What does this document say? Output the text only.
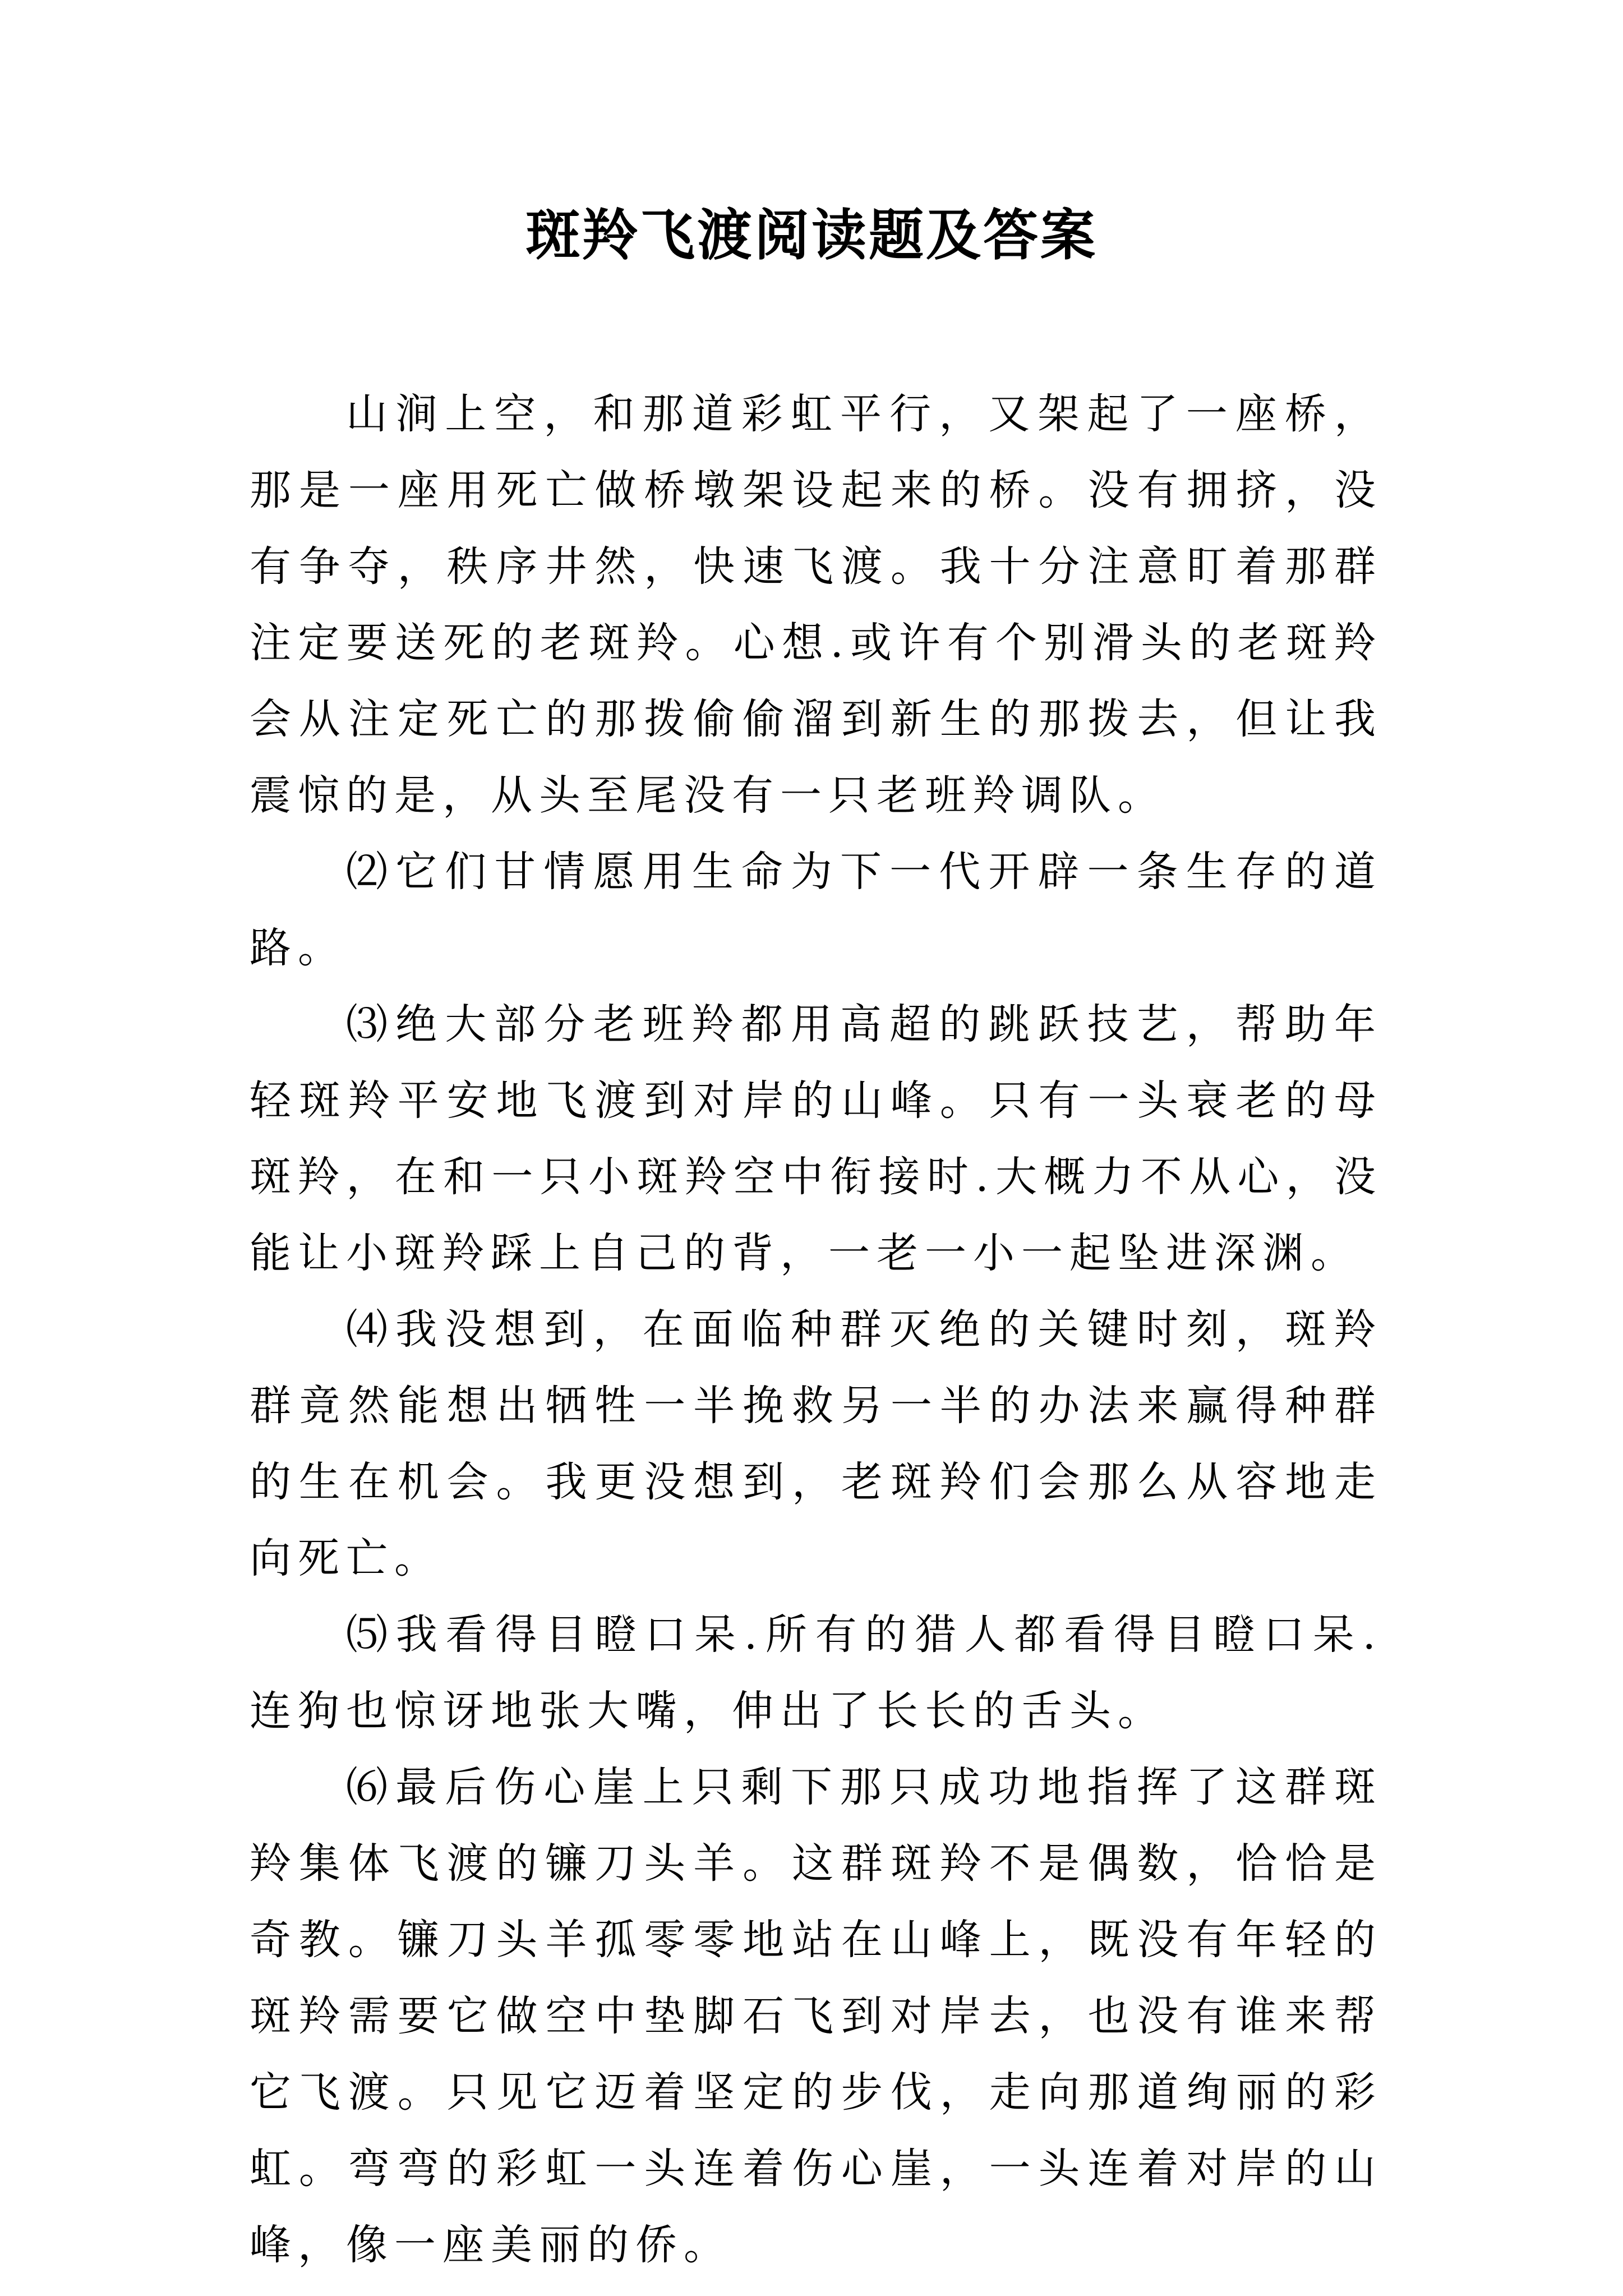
斑羚飞渡阅读题及答案

山涧上空，和那道彩虹平行，又架起了一座桥，那是一座用死亡做桥墩架设起来的桥。没有拥挤，没有争夺，秩序井然，快速飞渡。我十分注意盯着那群注定要送死的老斑羚。心想.或许有个别滑头的老斑羚会从注定死亡的那拨偷偷溜到新生的那拨去，但让我震惊的是，从头至尾没有一只老班羚调队。

⑵它们甘情愿用生命为下一代开辟一条生存的道路。

⑶绝大部分老班羚都用高超的跳跃技艺，帮助年轻斑羚平安地飞渡到对岸的山峰。只有一头衰老的母斑羚，在和一只小斑羚空中衔接时.大概力不从心，没能让小斑羚踩上自己的背，一老一小一起坠进深渊。

⑷我没想到，在面临种群灭绝的关键时刻，斑羚群竟然能想出牺牲一半挽救另一半的办法来赢得种群的生在机会。我更没想到，老斑羚们会那么从容地走向死亡。

⑸我看得目瞪口呆.所有的猎人都看得目瞪口呆.连狗也惊讶地张大嘴，伸出了长长的舌头。

⑹最后伤心崖上只剩下那只成功地指挥了这群斑羚集体飞渡的镰刀头羊。这群斑羚不是偶数，恰恰是奇教。镰刀头羊孤零零地站在山峰上，既没有年轻的斑羚需要它做空中垫脚石飞到对岸去，也没有谁来帮它飞渡。只见它迈着坚定的步伐，走向那道绚丽的彩虹。弯弯的彩虹一头连着伤心崖，一头连着对岸的山峰，像一座美丽的侨。
